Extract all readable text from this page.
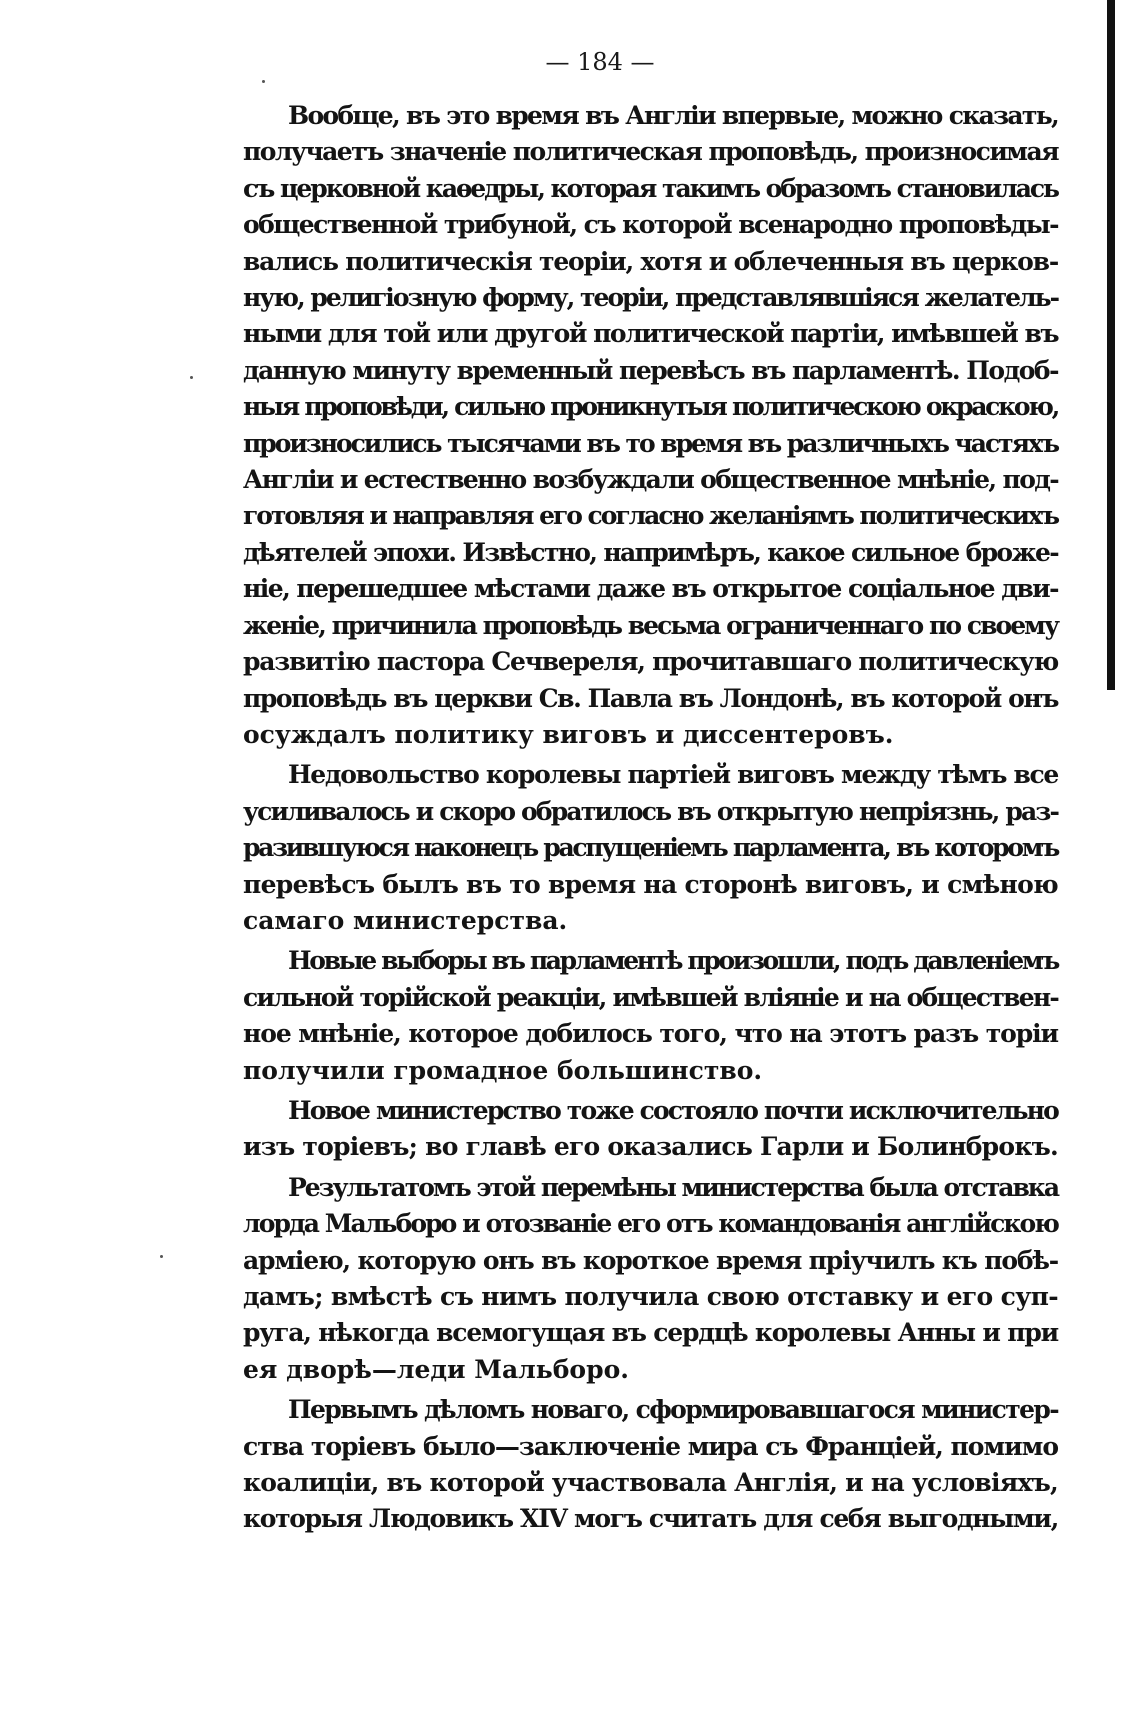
— 184 —
Вообще, въ это время въ Англiи впервые, можно сказать,
получаетъ значенiе политическая проповѣдь, произносимая
съ церковной каѳедры, которая такимъ образомъ становилась
общественной трибуной, съ которой всенародно проповѣды-
вались политическiя теорiи, хотя и облеченныя въ церков-
ную, религiозную форму, теорiи, представлявшiяся желатель-
ными для той или другой политической партiи, имѣвшей въ
данную минуту временный перевѣсъ въ парламентѣ. Подоб-
ныя проповѣди, сильно проникнутыя политическою окраскою,
произносились тысячами въ то время въ различныхъ частяхъ
Англiи и естественно возбуждали общественное мнѣнiе, под-
готовляя и направляя его согласно желанiямъ политическихъ
дѣятелей эпохи. Извѣстно, напримѣръ, какое сильное броже-
нiе, перешедшее мѣстами даже въ открытое соцiальное дви-
женiе, причинила проповѣдь весьма ограниченнаго по своему
развитiю пастора Сечвереля, прочитавшаго политическую
проповѣдь въ церкви Св. Павла въ Лондонѣ, въ которой онъ
осуждалъ политику виговъ и диссентеровъ.
Недовольство королевы партiей виговъ между тѣмъ все
усиливалось и скоро обратилось въ открытую непрiязнь, раз-
разившуюся наконецъ распущенiемъ парламента, въ которомъ
перевѣсъ былъ въ то время на сторонѣ виговъ, и смѣною
самаго министерства.
Новые выборы въ парламентѣ произошли, подъ давленiемъ
сильной торiйской реакцiи, имѣвшей влiянiе и на обществен-
ное мнѣнiе, которое добилось того, что на этотъ разъ торiи
получили громадное большинство.
Новое министерство тоже состояло почти исключительно
изъ торiевъ; во главѣ его оказались Гарли и Болинброкъ.
Результатомъ этой перемѣны министерства была отставка
лорда Мальборо и отозванiе его отъ командованiя англiйскою
армiею, которую онъ въ короткое время прiучилъ къ побѣ-
дамъ; вмѣстѣ съ нимъ получила свою отставку и его суп-
руга, нѣкогда всемогущая въ сердцѣ королевы Анны и при
ея дворѣ—леди Мальборо.
Первымъ дѣломъ новаго, сформировавшагося министер-
ства торiевъ было—заключенiе мира съ Францiей, помимо
коалицiи, въ которой участвовала Англiя, и на условiяхъ,
которыя Людовикъ XIV могъ считать для себя выгодными,
